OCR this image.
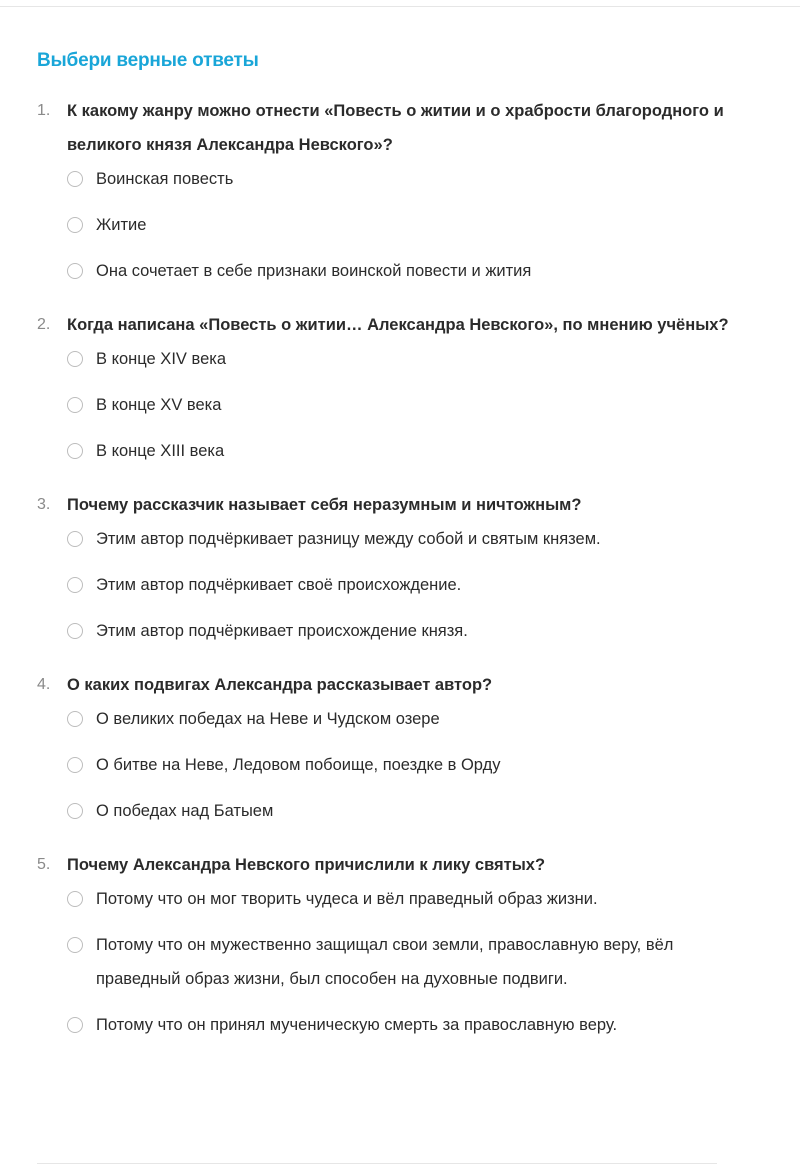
Выбери верные ответы
1. К какому жанру можно отнести «Повесть о житии и о храбрости благородного и великого князя Александра Невского»?
Воинская повесть
Житие
Она сочетает в себе признаки воинской повести и жития
2. Когда написана «Повесть о житии… Александра Невского», по мнению учёных?
В конце XIV века
В конце XV века
В конце XIII века
3. Почему рассказчик называет себя неразумным и ничтожным?
Этим автор подчёркивает разницу между собой и святым князем.
Этим автор подчёркивает своё происхождение.
Этим автор подчёркивает происхождение князя.
4. О каких подвигах Александра рассказывает автор?
О великих победах на Неве и Чудском озере
О битве на Неве, Ледовом побоище, поездке в Орду
О победах над Батыем
5. Почему Александра Невского причислили к лику святых?
Потому что он мог творить чудеса и вёл праведный образ жизни.
Потому что он мужественно защищал свои земли, православную веру, вёл праведный образ жизни, был способен на духовные подвиги.
Потому что он принял мученическую смерть за православную веру.
